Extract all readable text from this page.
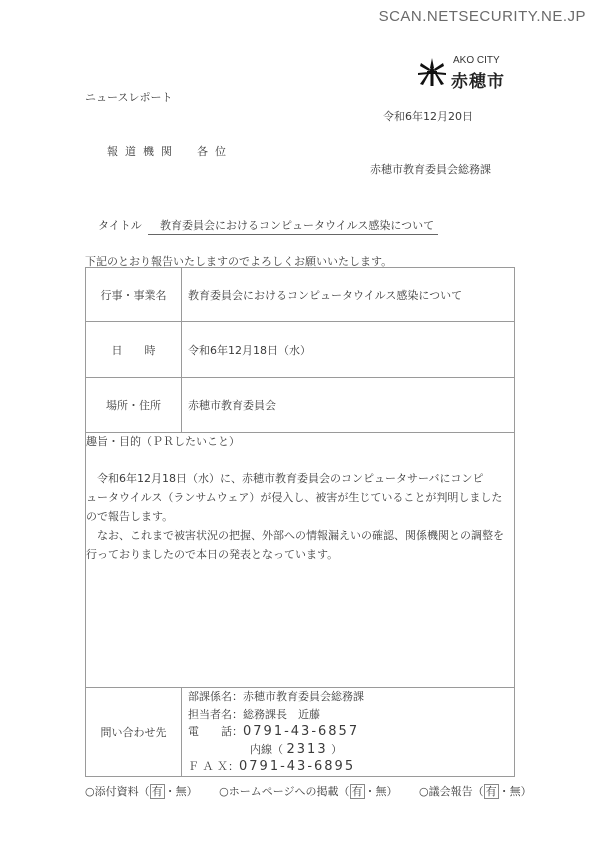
SCAN.NETSECURITY.NE.JP
AKO CITY
赤穂市
ニュースレポート
令和6年12月20日
報道機関　各位
赤穂市教育委員会総務課
タイトル	教育委員会におけるコンピュータウイルス感染について
下記のとおり報告いたしますのでよろしくお願いいたします。
行事・事業名	教育委員会におけるコンピュータウイルス感染について
日　　時	令和6年12月18日（水）
場所・住所	赤穂市教育委員会

趣旨・目的（ＰＲしたいこと）

　令和6年12月18日（水）に、赤穂市教育委員会のコンピュータサーバにコンピ

ュータウイルス（ランサムウェア）が侵入し、被害が生じていることが判明しました

ので報告します。

　なお、これまで被害状況の把握、外部への情報漏えいの確認、関係機関との調整を

行っておりましたので本日の発表となっています。

問い合わせ先	部課係名：赤穂市教育委員会総務課
担当者名：総務課長　近藤
電　　話：0791-43-6857
内線（ 2313 ）
Ｆ Ａ Ｘ：0791-43-6895
○添付資料（ 有 ・無） ○ホームページへの掲載（ 有 ・無） ○議会報告（ 有 ・無）
